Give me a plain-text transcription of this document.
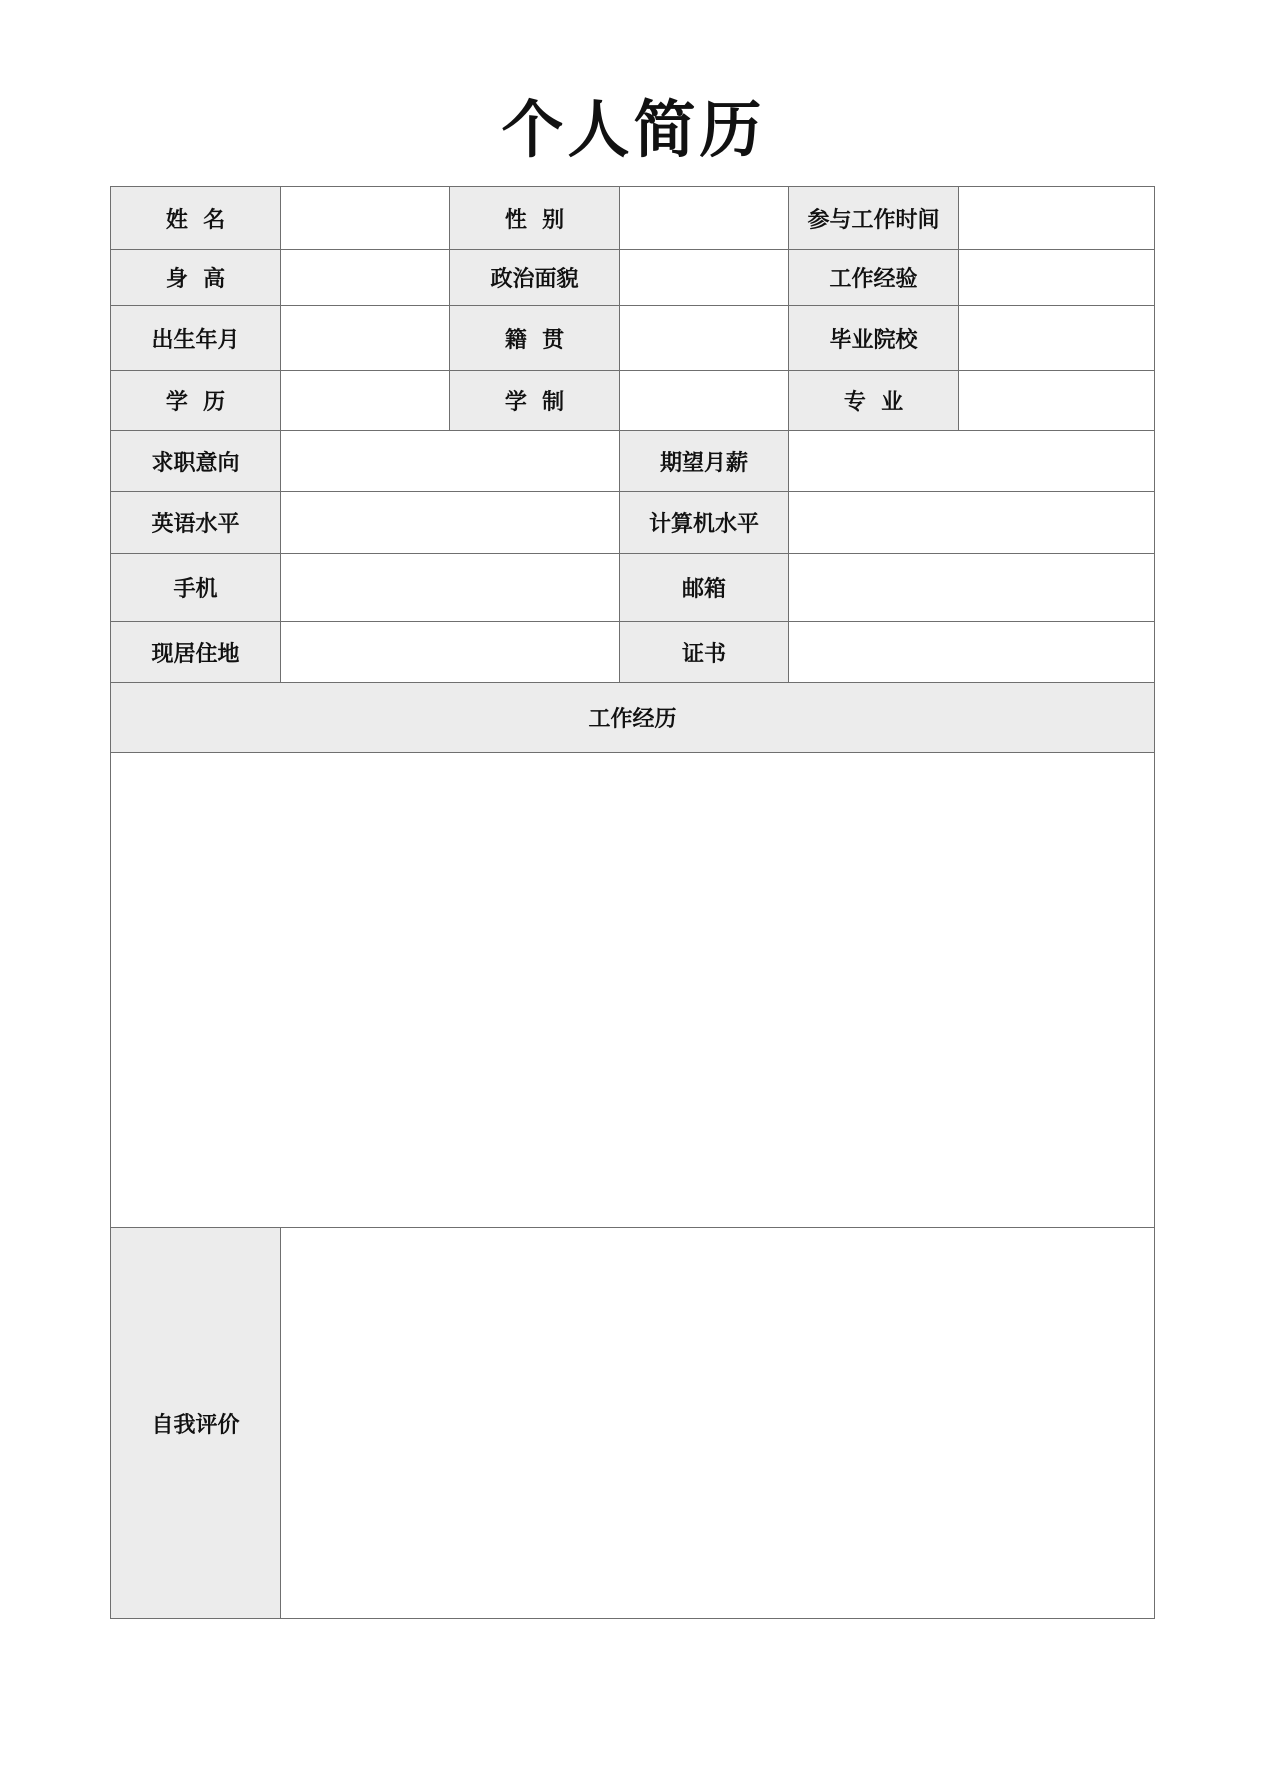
个人简历
姓  名		性  别		参与工作时间	
身  高		政治面貌		工作经验	
出生年月		籍  贯		毕业院校	
学  历		学  制		专  业	
求职意向			期望月薪		
英语水平			计算机水平		
手机			邮箱		
现居住地			证书		
工作经历					

自我评价					
